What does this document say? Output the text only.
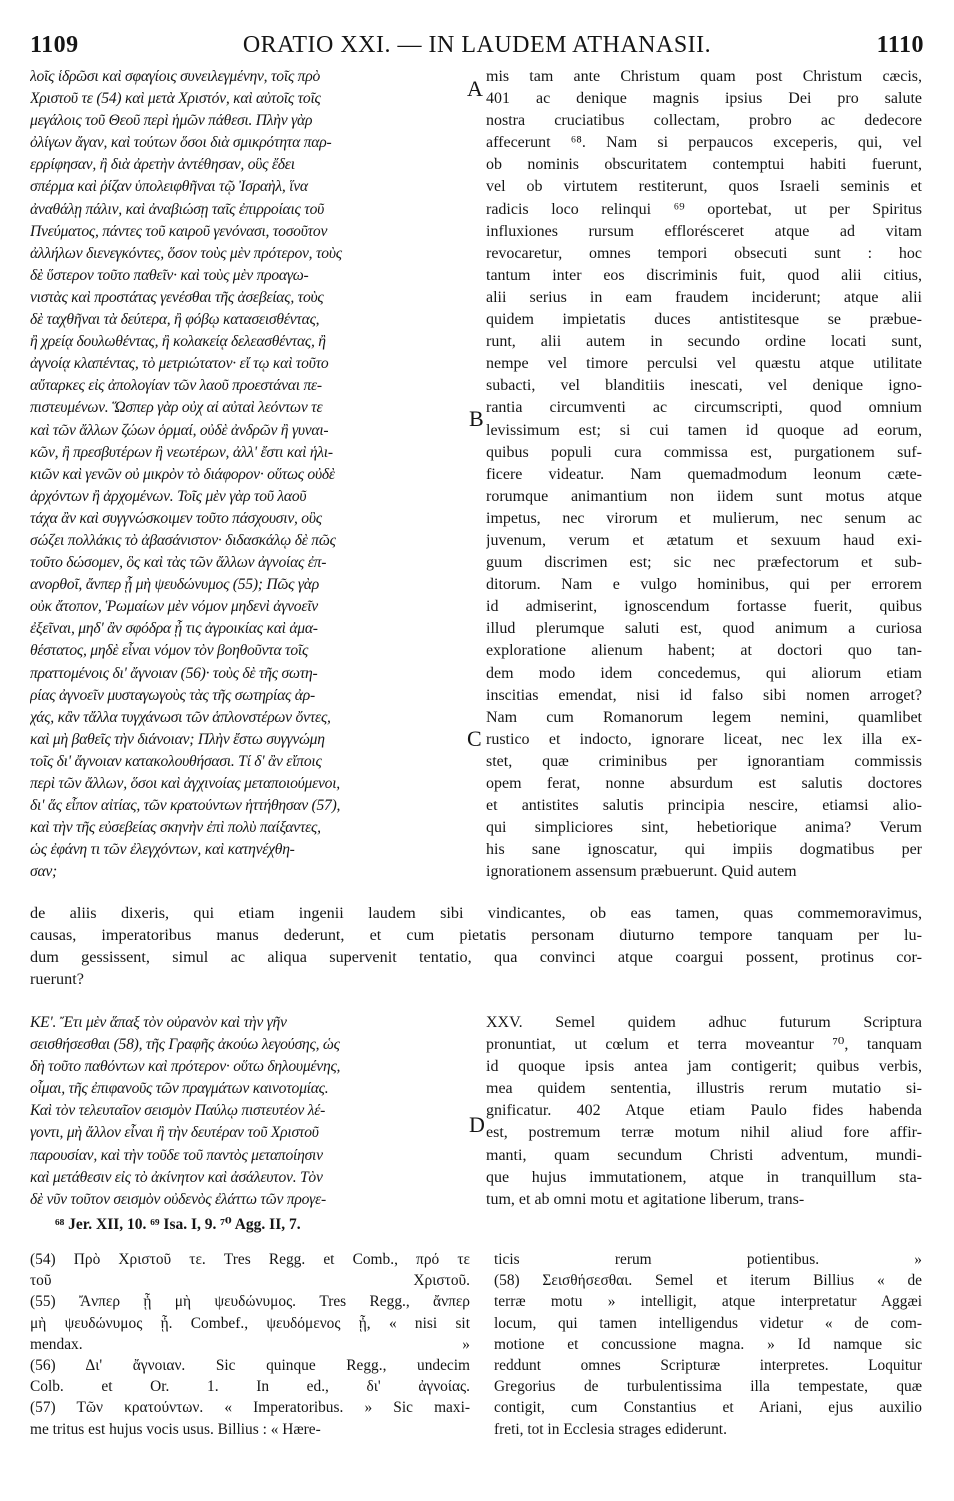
1109	ORATIO XXI. — IN LAUDEM ATHANASII.	1110
λοῖς ἱδρῶσι καὶ σφαγίοις συνειλεγμένην, τοῖς πρὸ
Χριστοῦ τε (54) καὶ μετὰ Χριστόν, καὶ αὐτοῖς τοῖς
μεγάλοις τοῦ Θεοῦ περὶ ἡμῶν πάθεσι. Πλὴν γὰρ
ὀλίγων ἄγαν, καὶ τούτων ὅσοι διὰ σμικρότητα παρ-
ερρίφησαν, ἢ διὰ ἀρετὴν ἀντέθησαν, οὓς ἔδει
σπέρμα καὶ ῥίζαν ὑπολειφθῆναι τῷ Ἰσραὴλ, ἵνα
ἀναθάλῃ πάλιν, καὶ ἀναβιώσῃ ταῖς ἐπιρροίαις τοῦ
Πνεύματος, πάντες τοῦ καιροῦ γενόνασι, τοσοῦτον
ἀλλήλων διενεγκόντες, ὅσον τοὺς μὲν πρότερον, τοὺς
δὲ ὕστερον τοῦτο παθεῖν· καὶ τοὺς μὲν προαγω-
νιστὰς καὶ προστάτας γενέσθαι τῆς ἀσεβείας, τοὺς
δὲ ταχθῆναι τὰ δεύτερα, ἢ φόβῳ κατασεισθέντας,
ἢ χρείᾳ δουλωθέντας, ἢ κολακείᾳ δελεασθέντας, ἢ
ἀγνοίᾳ κλαπέντας, τὸ μετριώτατον· εἴ τῳ καὶ τοῦτο
αὔταρκες εἰς ἀπολογίαν τῶν λαοῦ προεστάναι πε-
πιστευμένων. Ὥσπερ γὰρ οὐχ αἱ αὐταὶ λεόντων τε
καὶ τῶν ἄλλων ζώων ὁρμαί, οὐδὲ ἀνδρῶν ἢ γυναι-
κῶν, ἢ πρεσβυτέρων ἢ νεωτέρων, ἀλλ' ἔστι καὶ ἡλι-
κιῶν καὶ γενῶν οὐ μικρὸν τὸ διάφορον· οὕτως οὐδὲ
ἀρχόντων ἢ ἀρχομένων. Τοῖς μὲν γὰρ τοῦ λαοῦ
τάχα ἂν καὶ συγγνώσκοιμεν τοῦτο πάσχουσιν, οὓς
σώζει πολλάκις τὸ ἀβασάνιστον· διδασκάλῳ δὲ πῶς
τοῦτο δώσομεν, ὃς καὶ τὰς τῶν ἄλλων ἀγνοίας ἐπ-
ανορθοῖ, ἄνπερ ᾖ μὴ ψευδώνυμος (55); Πῶς γὰρ
οὐκ ἄτοπον, Ῥωμαίων μὲν νόμον μηδενὶ ἀγνοεῖν
ἐξεῖναι, μηδ' ἂν σφόδρα ᾖ τις ἀγροικίας καὶ ἀμα-
θέστατος, μηδὲ εἶναι νόμον τὸν βοηθοῦντα τοῖς
πραττομένοις δι' ἄγνοιαν (56)· τοὺς δὲ τῆς σωτη-
ρίας ἀγνοεῖν μυσταγωγοὺς τὰς τῆς σωτηρίας ἀρ-
χάς, κἂν τἄλλα τυγχάνωσι τῶν ἁπλονστέρων ὄντες,
καὶ μὴ βαθεῖς τὴν διάνοιαν; Πλὴν ἔστω συγγνώμη
τοῖς δι' ἄγνοιαν κατακολουθήσασι. Τί δ' ἂν εἴποις
περὶ τῶν ἄλλων, ὅσοι καὶ ἀγχινοίας μεταποιούμενοι,
δι' ἅς εἶπον αἰτίας, τῶν κρατούντων ἡττήθησαν (57),
καὶ τὴν τῆς εὐσεβείας σκηνὴν ἐπὶ πολὺ παίξαντες,
ὡς ἐφάνη τι τῶν ἐλεγχόντων, καὶ κατηνέχθη-
σαν;
mis tam ante Christum quam post Christum cæcis,
401 ac denique magnis ipsius Dei pro salute
nostra cruciatibus collectam, probro ac dedecore
affecerunt ⁶⁸. Nam si perpaucos exceperis, qui, vel
ob nominis obscuritatem contemptui habiti fuerunt,
vel ob virtutem restiterunt, quos Israeli seminis et
radicis loco relinqui ⁶⁹ oportebat, ut per Spiritus
influxiones rursum efflorésceret atque ad vitam
revocaretur, omnes tempori obsecuti sunt : hoc
tantum inter eos discriminis fuit, quod alii citius,
alii serius in eam fraudem inciderunt; atque alii
quidem impietatis duces antistitesque se præbue-
runt, alii autem in secundo ordine locati sunt,
nempe vel timore perculsi vel quæstu atque utilitate
subacti, vel blanditiis inescati, vel denique igno-
rantia circumventi ac circumscripti, quod omnium
levissimum est; si cui tamen id quoque ad eorum,
quibus populi cura commissa est, purgationem suf-
ficere videatur. Nam quemadmodum leonum cæte-
rorumque animantium non iidem sunt motus atque
impetus, nec virorum et mulierum, nec senum ac
juvenum, verum et ætatum et sexuum haud exi-
guum discrimen est; sic nec præfectorum et sub-
ditorum. Nam e vulgo hominibus, qui per errorem
id admiserint, ignoscendum fortasse fuerit, quibus
illud plerumque saluti est, quod animum a curiosa
exploratione alienum habent; at doctori quo tan-
dem modo idem concedemus, qui aliorum etiam
inscitias emendat, nisi id falso sibi nomen arroget?
Nam cum Romanorum legem nemini, quamlibet
rustico et indocto, ignorare liceat, nec lex illa ex-
stet, quæ criminibus per ignorantiam commissis
opem ferat, nonne absurdum est salutis doctores
et antistites salutis principia nescire, etiamsi alio-
qui simpliciores sint, hebetiorique anima? Verum
his sane ignoscatur, qui impiis dogmatibus per
ignorationem assensum præbuerunt. Quid autem
A
B
C
D
de aliis dixeris, qui etiam ingenii laudem sibi vindicantes, ob eas tamen, quas commemoravimus,
causas, imperatoribus manus dederunt, et cum pietatis personam diuturno tempore tanquam per lu-
dum gessissent, simul ac aliqua supervenit tentatio, qua convinci atque coargui possent, protinus cor-
ruerunt?
ΚΕ'. Ἔτι μὲν ἅπαξ τὸν οὐρανὸν καὶ τὴν γῆν
σεισθήσεσθαι (58), τῆς Γραφῆς ἀκούω λεγούσης, ὡς
δὴ τοῦτο παθόντων καὶ πρότερον· οὕτω δηλουμένης,
οἶμαι, τῆς ἐπιφανοῦς τῶν πραγμάτων καινοτομίας.
Καὶ τὸν τελευταῖον σεισμὸν Παύλῳ πιστευτέον λέ-
γοντι, μὴ ἄλλον εἶναι ἢ τὴν δευτέραν τοῦ Χριστοῦ
παρουσίαν, καὶ τὴν τοῦδε τοῦ παντὸς μεταποίησιν
καὶ μετάθεσιν εἰς τὸ ἀκίνητον καὶ ἀσάλευτον. Τὸν
δὲ νῦν τοῦτον σεισμὸν οὐδενὸς ἐλάττω τῶν προγε-
XXV. Semel quidem adhuc futurum Scriptura
pronuntiat, ut cœlum et terra moveantur ⁷⁰, tanquam
id quoque ipsis antea jam contigerit; quibus verbis,
mea quidem sententia, illustris rerum mutatio si-
gnificatur. 402 Atque etiam Paulo fides habenda
est, postremum terræ motum nihil aliud fore affir-
manti, quam secundum Christi adventum, mundi-
que hujus immutationem, atque in tranquillum sta-
tum, et ab omni motu et agitatione liberum, trans-
⁶⁸ Jer. XII, 10. ⁶⁹ Isa. I, 9. ⁷⁰ Agg. II, 7.
(54) Πρὸ Χριστοῦ τε. Tres Regg. et Comb., πρό τε
τοῦ Χριστοῦ.
(55) Ἄνπερ ᾖ μὴ ψευδώνυμος. Tres Regg., ἄνπερ
μὴ ψευδώνυμος ᾖ. Combef., ψευδόμενος ᾖ, « nisi sit
mendax. »
(56) Δι' ἄγνοιαν. Sic quinque Regg., undecim
Colb. et Or. 1. In ed., δι' ἀγνοίας.
(57) Τῶν κρατούντων. « Imperatoribus. » Sic maxi-
me tritus est hujus vocis usus. Billius : « Hære-
ticis rerum potientibus. »
(58) Σεισθήσεσθαι. Semel et iterum Billius « de
terræ motu » intelligit, atque interpretatur Aggæi
locum, qui tamen intelligendus videtur « de com-
motione et concussione magna. » Id namque sic
reddunt omnes Scripturæ interpretes. Loquitur
Gregorius de turbulentissima illa tempestate, quæ
contigit, cum Constantius et Ariani, ejus auxilio
freti, tot in Ecclesia strages ediderunt.
